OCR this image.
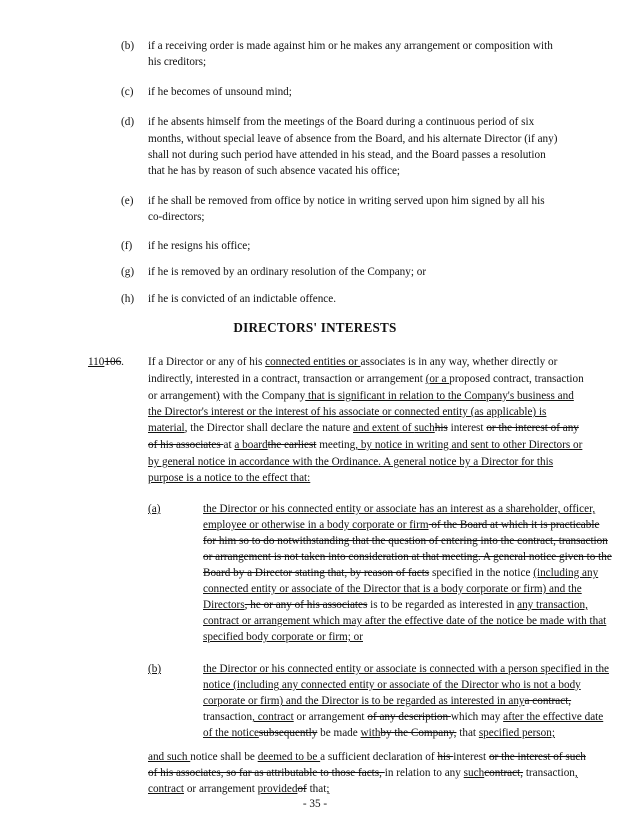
(b) if a receiving order is made against him or he makes any arrangement or composition with
his creditors;
(c) if he becomes of unsound mind;
(d) if he absents himself from the meetings of the Board during a continuous period of six
months, without special leave of absence from the Board, and his alternate Director (if any)
shall not during such period have attended in his stead, and the Board passes a resolution
that he has by reason of such absence vacated his office;
(e) if he shall be removed from office by notice in writing served upon him signed by all his
co-directors;
(f) if he resigns his office;
(g) if he is removed by an ordinary resolution of the Company; or
(h) if he is convicted of an indictable offence.
DIRECTORS' INTERESTS
110106. If a Director or any of his connected entities or associates is in any way, whether directly or
indirectly, interested in a contract, transaction or arrangement (or a proposed contract, transaction
or arrangement) with the Company that is significant in relation to the Company's business and
the Director's interest or the interest of his associate or connected entity (as applicable) is
material, the Director shall declare the nature and extent of suchhis interest or the interest of any
of his associates at a boardthe earliest meeting, by notice in writing and sent to other Directors or
by general notice in accordance with the Ordinance. A general notice by a Director for this
purpose is a notice to the effect that:
(a)	the Director or his connected entity or associate has an interest as a shareholder, officer,
employee or otherwise in a body corporate or firm of the Board at which it is practicable
for him so to do notwithstanding that the question of entering into the contract, transaction
or arrangement is not taken into consideration at that meeting. A general notice given to the
Board by a Director stating that, by reason of facts specified in the notice (including any
connected entity or associate of the Director that is a body corporate or firm) and the
Directors, he or any of his associates is to be regarded as interested in any transaction,
contract or arrangement which may after the effective date of the notice be made with that
specified body corporate or firm; or
(b)	the Director or his connected entity or associate is connected with a person specified in the
notice (including any connected entity or associate of the Director who is not a body
corporate or firm) and the Director is to be regarded as interested in anya contract,
transaction, contract or arrangement of any description which may after the effective date
of the noticesubsequently be made withby the Company, that specified person;
and such notice shall be deemed to be a sufficient declaration of his interest or the interest of such
of his associates, so far as attributable to those facts, in relation to any suchcontract, transaction,
contract or arrangement providedof that;
- 35 -
